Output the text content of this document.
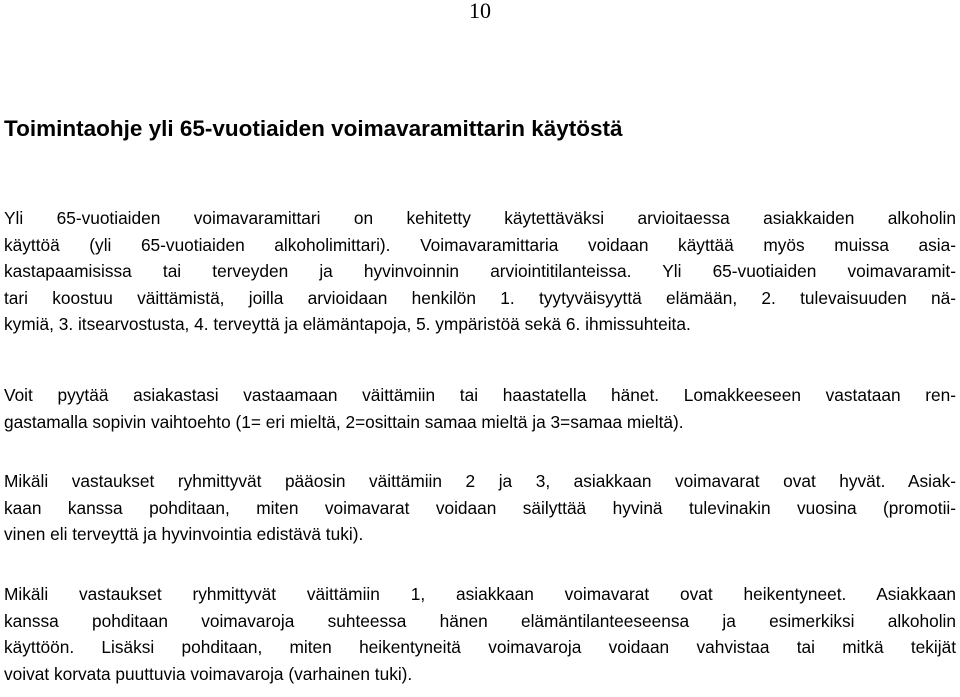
10
Toimintaohje yli 65-vuotiaiden voimavaramittarin käytöstä

Yli 65-vuotiaiden voimavaramittari on kehitetty käytettäväksi arvioitaessa asiakkaiden alkoholin
käyttöä (yli 65-vuotiaiden alkoholimittari). Voimavaramittaria voidaan käyttää myös muissa asia-
kastapaamisissa tai terveyden ja hyvinvoinnin arviointitilanteissa. Yli 65-vuotiaiden voimavaramit-
tari koostuu väittämistä, joilla arvioidaan henkilön 1. tyytyväisyyttä elämään, 2. tulevaisuuden nä-
kymiä, 3. itsearvostusta, 4. terveyttä ja elämäntapoja, 5. ympäristöä sekä 6. ihmissuhteita.

Voit pyytää asiakastasi vastaamaan väittämiin tai haastatella hänet. Lomakkeeseen vastataan ren-
gastamalla sopivin vaihtoehto (1= eri mieltä, 2=osittain samaa mieltä ja 3=samaa mieltä).

Mikäli vastaukset ryhmittyvät pääosin väittämiin 2 ja 3, asiakkaan voimavarat ovat hyvät. Asiak-
kaan kanssa pohditaan, miten voimavarat voidaan säilyttää hyvinä tulevinakin vuosina (promotii-
vinen eli terveyttä ja hyvinvointia edistävä tuki).

Mikäli vastaukset ryhmittyvät väittämiin 1, asiakkaan voimavarat ovat heikentyneet. Asiakkaan
kanssa pohditaan voimavaroja suhteessa hänen elämäntilanteeseensa ja esimerkiksi alkoholin
käyttöön. Lisäksi pohditaan, miten heikentyneitä voimavaroja voidaan vahvistaa tai mitkä tekijät
voivat korvata puuttuvia voimavaroja (varhainen tuki).
